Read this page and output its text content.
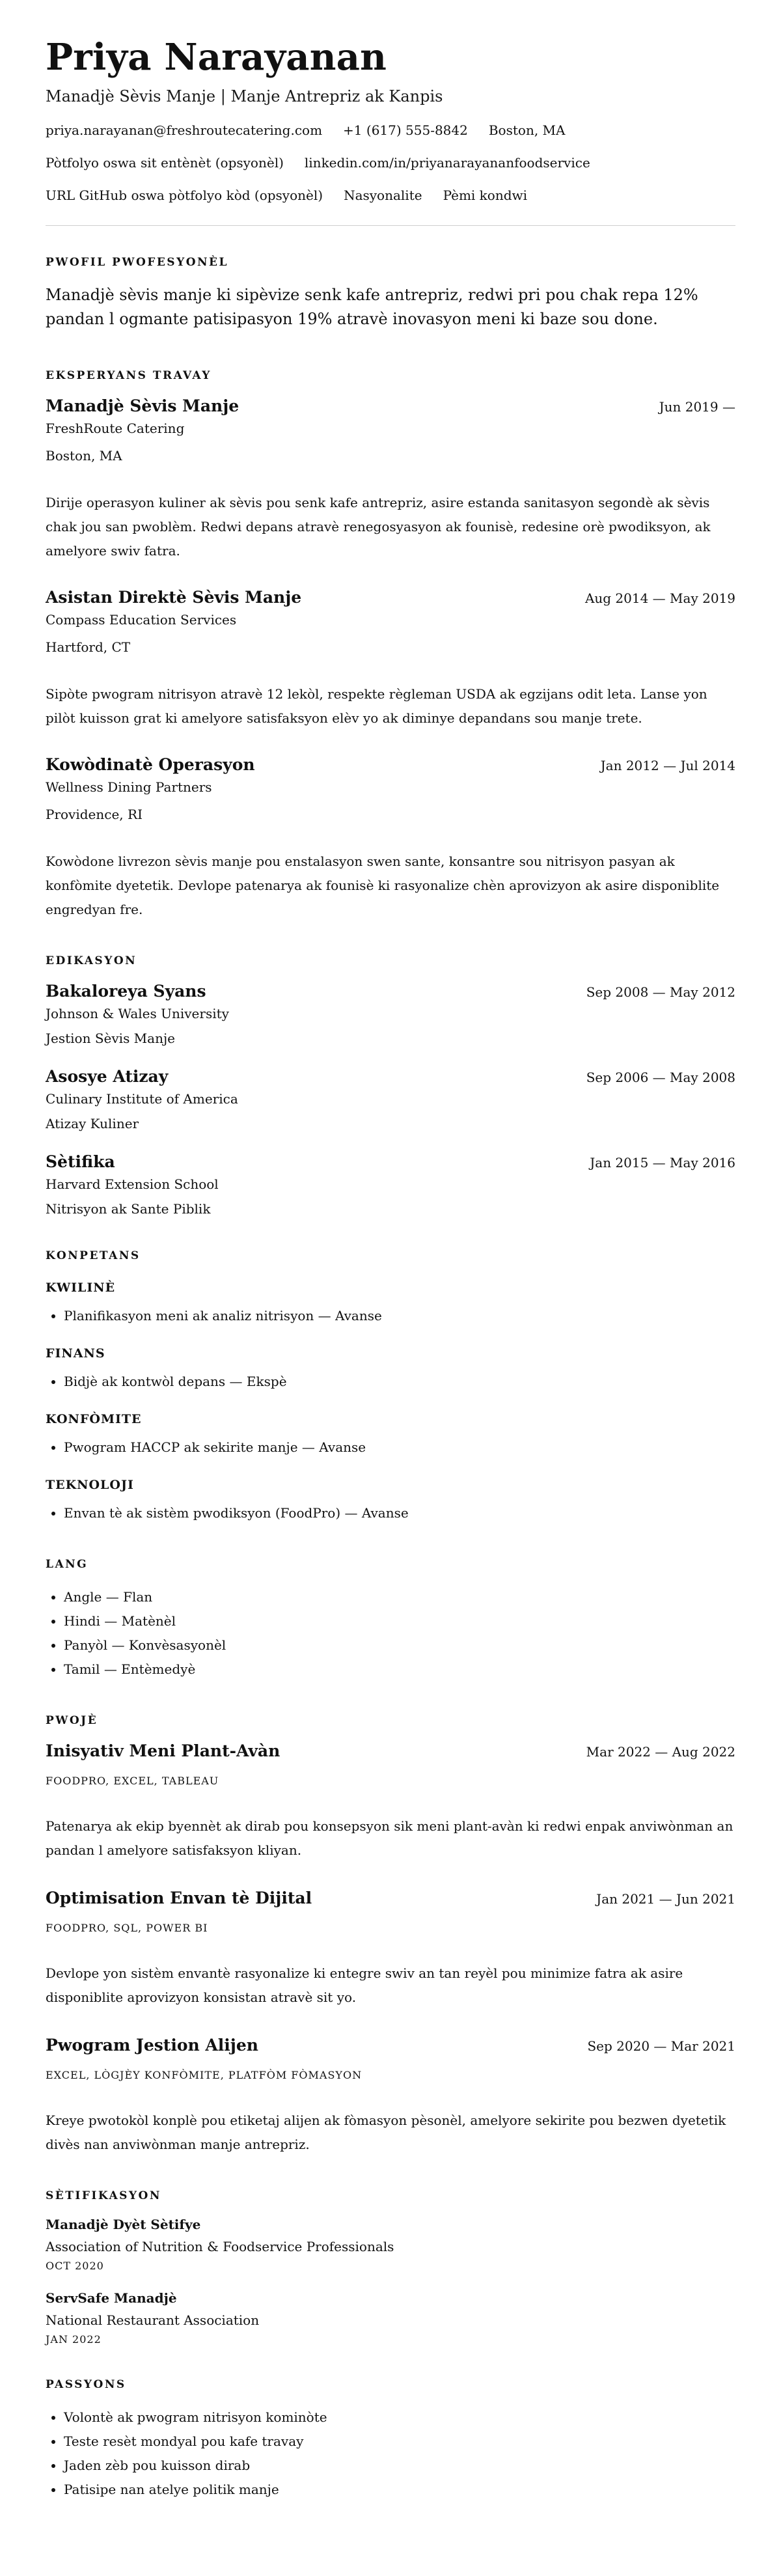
Priya Narayanan
Manadjè Sèvis Manje | Manje Antrepriz ak Kanpis
priya.narayanan@freshroutecatering.com +1 (617) 555-8842 Boston, MA
Pòtfolyo oswa sit entènèt (opsyonèl) linkedin.com/in/priyanarayananfoodservice
URL GitHub oswa pòtfolyo kòd (opsyonèl) Nasyonalite Pèmi kondwi
PWOFIL PWOFESYONÈL
Manadjè sèvis manje ki sipèvize senk kafe antrepriz, redwi pri pou chak repa 12% pandan l ogmante patisipasyon 19% atravè inovasyon meni ki baze sou done.
EKSPERYANS TRAVAY
Manadjè Sèvis Manje	Jun 2019 —
FreshRoute Catering
Boston, MA
Dirije operasyon kuliner ak sèvis pou senk kafe antrepriz, asire estanda sanitasyon segondè ak sèvis chak jou san pwoblèm. Redwi depans atravè renegosyasyon ak founisè, redesine orè pwodiksyon, ak amelyore swiv fatra.
Asistan Direktè Sèvis Manje	Aug 2014 — May 2019
Compass Education Services
Hartford, CT
Sipòte pwogram nitrisyon atravè 12 lekòl, respekte règleman USDA ak egzijans odit leta. Lanse yon pilòt kuisson grat ki amelyore satisfaksyon elèv yo ak diminye depandans sou manje trete.
Kowòdinatè Operasyon	Jan 2012 — Jul 2014
Wellness Dining Partners
Providence, RI
Kowòdone livrezon sèvis manje pou enstalasyon swen sante, konsantre sou nitrisyon pasyan ak konfòmite dyetetik. Devlope patenarya ak founisè ki rasyonalize chèn aprovizyon ak asire disponiblite engredyan fre.
EDIKASYON
Bakaloreya Syans	Sep 2008 — May 2012
Johnson & Wales University
Jestion Sèvis Manje
Asosye Atizay	Sep 2006 — May 2008
Culinary Institute of America
Atizay Kuliner
Sètifika	Jan 2015 — May 2016
Harvard Extension School
Nitrisyon ak Sante Piblik
KONPETANS
KWILINÈ
• Planifikasyon meni ak analiz nitrisyon — Avanse
FINANS
• Bidjè ak kontwòl depans — Ekspè
KONFÒMITE
• Pwogram HACCP ak sekirite manje — Avanse
TEKNOLOJI
• Envan tè ak sistèm pwodiksyon (FoodPro) — Avanse
LANG
• Angle — Flan
• Hindi — Matènèl
• Panyòl — Konvèsasyonèl
• Tamil — Entèmedyè
PWOJÈ
Inisyativ Meni Plant-Avàn	Mar 2022 — Aug 2022
FOODPRO, EXCEL, TABLEAU
Patenarya ak ekip byennèt ak dirab pou konsepsyon sik meni plant-avàn ki redwi enpak anviwònman an pandan l amelyore satisfaksyon kliyan.
Optimisation Envan tè Dijital	Jan 2021 — Jun 2021
FOODPRO, SQL, POWER BI
Devlope yon sistèm envantè rasyonalize ki entegre swiv an tan reyèl pou minimize fatra ak asire disponiblite aprovizyon konsistan atravè sit yo.
Pwogram Jestion Alijen	Sep 2020 — Mar 2021
EXCEL, LÒGJÈY KONFÒMITE, PLATFÒM FÒMASYON
Kreye pwotokòl konplè pou etiketaj alijen ak fòmasyon pèsonèl, amelyore sekirite pou bezwen dyetetik divès nan anviwònman manje antrepriz.
SÈTIFIKASYON
Manadjè Dyèt Sètifye
Association of Nutrition & Foodservice Professionals
OCT 2020
ServSafe Manadjè
National Restaurant Association
JAN 2022
PASSYONS
• Volontè ak pwogram nitrisyon kominòte
• Teste resèt mondyal pou kafe travay
• Jaden zèb pou kuisson dirab
• Patisipe nan atelye politik manje
